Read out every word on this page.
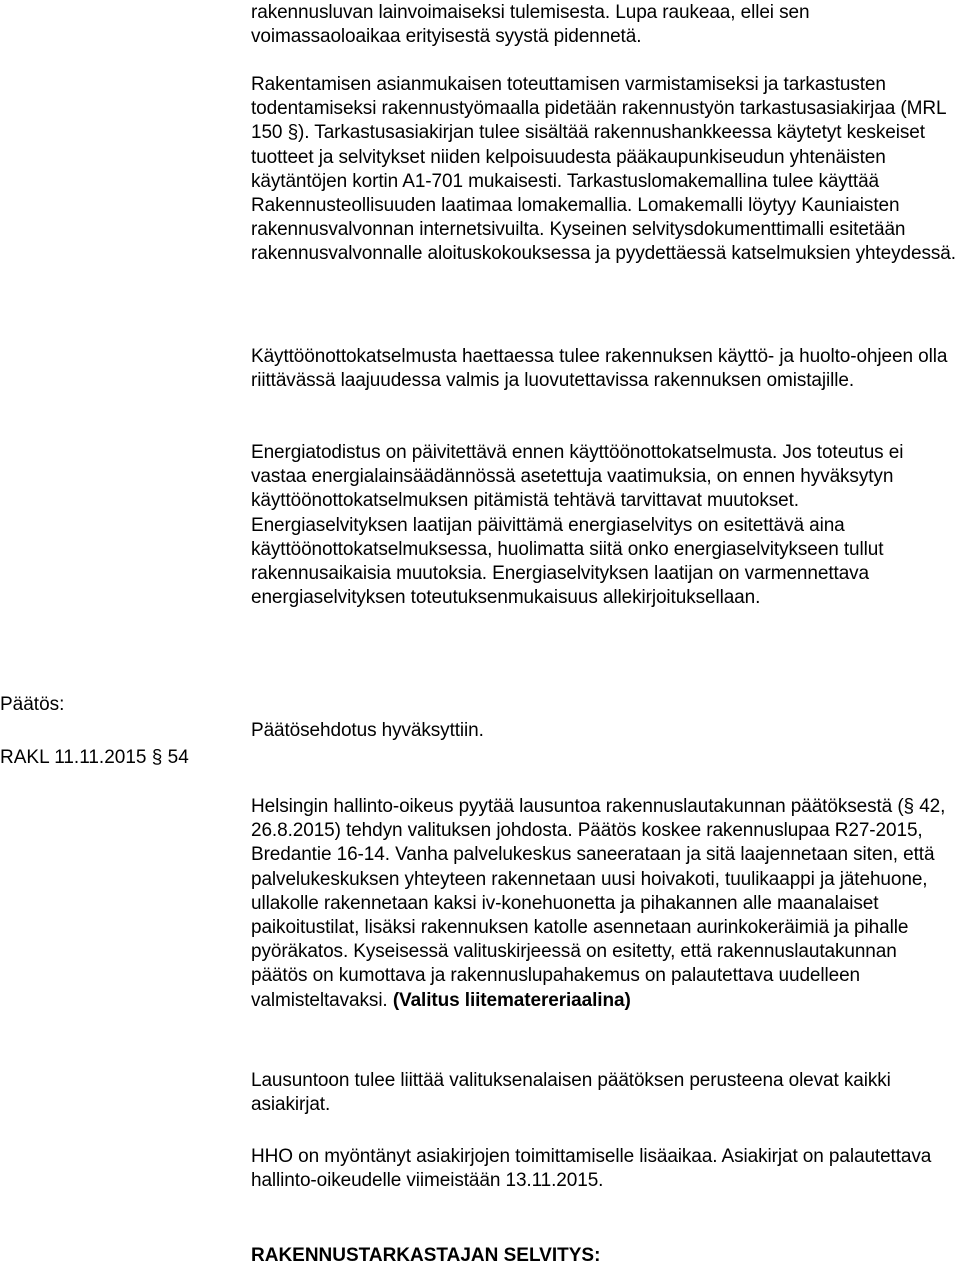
rakennusluvan lainvoimaiseksi tulemisesta. Lupa raukeaa, ellei sen voimassaoloaikaa erityisestä syystä pidennetä.

Rakentamisen asianmukaisen toteuttamisen varmistamiseksi ja tarkastusten todentamiseksi rakennustyömaalla pidetään rakennustyön tarkastusasiakirjaa (MRL 150 §). Tarkastusasiakirjan tulee sisältää rakennushankkeessa käytetyt keskeiset tuotteet ja selvitykset niiden kelpoisuudesta pääkaupunkiseudun yhtenäisten käytäntöjen kortin A1-701 mukaisesti. Tarkastuslomakemallina tulee käyttää Rakennusteollisuuden laatimaa lomakemallia. Lomakemalli löytyy Kauniaisten rakennusvalvonnan internetsivuilta. Kyseinen selvitysdokumenttimalli esitetään rakennusvalvonnalle aloituskokouksessa ja pyydettäessä katselmuksien yhteydessä.

Käyttöönottokatselmusta haettaessa tulee rakennuksen käyttö- ja huolto-ohjeen olla riittävässä laajuudessa valmis ja luovutettavissa rakennuksen omistajille.

Energiatodistus on päivitettävä ennen käyttöönottokatselmusta. Jos toteutus ei vastaa energialainsäädännössä asetettuja vaatimuksia, on ennen hyväksytyn käyttöönottokatselmuksen pitämistä tehtävä tarvittavat muutokset. Energiaselvityksen laatijan päivittämä energiaselvitys on esitettävä aina käyttöönottokatselmuksessa, huolimatta siitä onko energiaselvitykseen tullut rakennusaikaisia muutoksia. Energiaselvityksen laatijan on varmennettava energiaselvityksen toteutuksenmukaisuus allekirjoituksellaan.

Päätös:

Päätösehdotus hyväksyttiin.

RAKL 11.11.2015 § 54

Helsingin hallinto-oikeus pyytää lausuntoa rakennuslautakunnan päätöksestä (§ 42, 26.8.2015) tehdyn valituksen johdosta. Päätös koskee rakennuslupaa R27-2015, Bredantie 16-14. Vanha palvelukeskus saneerataan ja sitä laajennetaan siten, että palvelukeskuksen yhteyteen rakennetaan uusi hoivakoti, tuulikaappi ja jätehuone, ullakolle rakennetaan kaksi iv-konehuonetta ja pihakannen alle maanalaiset paikoitustilat, lisäksi rakennuksen katolle asennetaan aurinkokeräimiä ja pihalle pyöräkatos. Kyseisessä valituskirjeessä on esitetty, että rakennuslautakunnan päätös on kumottava ja rakennuslupahakemus on palautettava uudelleen valmisteltavaksi. (Valitus liitematereriaalina)

Lausuntoon tulee liittää valituksenalaisen päätöksen perusteena olevat kaikki asiakirjat.

HHO on myöntänyt asiakirjojen toimittamiselle lisäaikaa. Asiakirjat on palautettava hallinto-oikeudelle viimeistään 13.11.2015.

RAKENNUSTARKASTAJAN SELVITYS:
